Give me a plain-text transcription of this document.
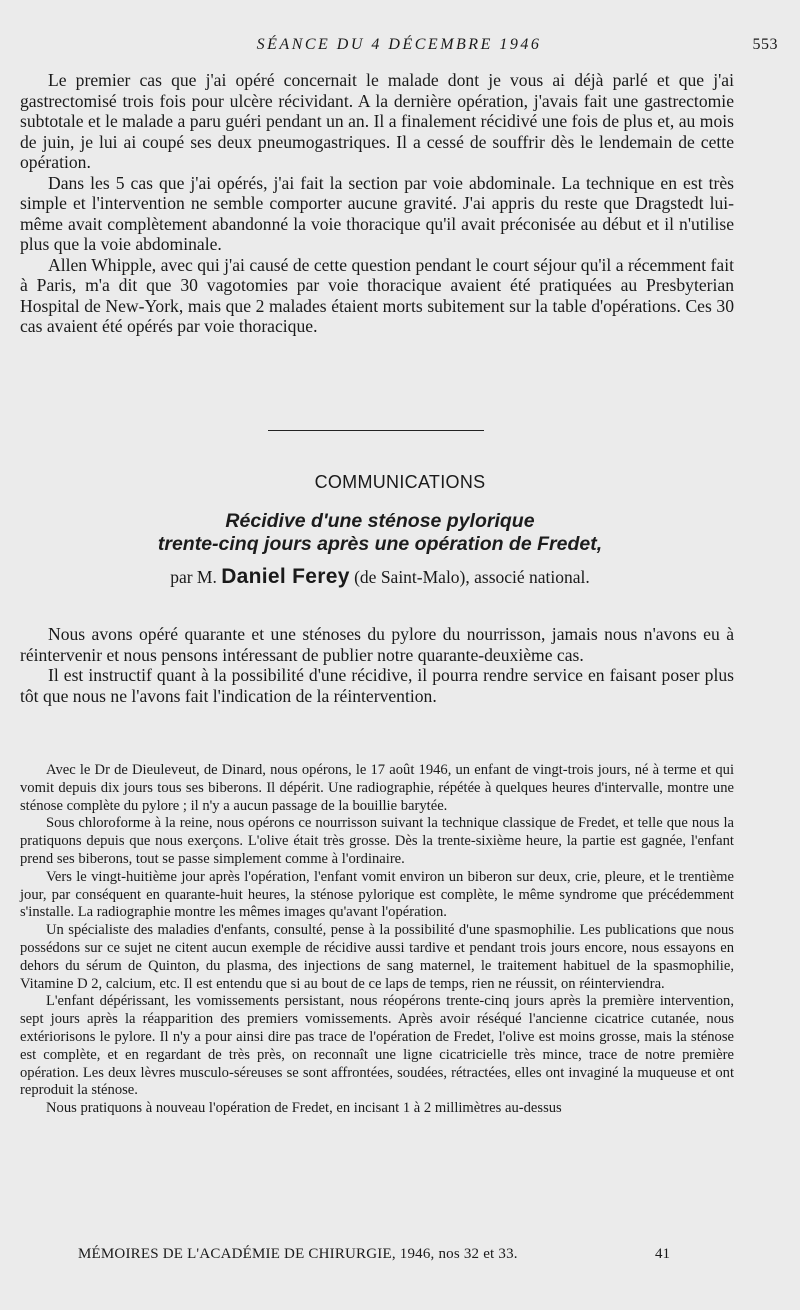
SÉANCE DU 4 DÉCEMBRE 1946	553

Le premier cas que j'ai opéré concernait le malade dont je vous ai déjà parlé et que j'ai gastrectomisé trois fois pour ulcère récividant. A la dernière opération, j'avais fait une gastrectomie subtotale et le malade a paru guéri pendant un an. Il a finalement récidivé une fois de plus et, au mois de juin, je lui ai coupé ses deux pneumogastriques. Il a cessé de souffrir dès le lendemain de cette opération.

Dans les 5 cas que j'ai opérés, j'ai fait la section par voie abdominale. La technique en est très simple et l'intervention ne semble comporter aucune gravité. J'ai appris du reste que Dragstedt lui-même avait complètement abandonné la voie thoracique qu'il avait préconisée au début et il n'utilise plus que la voie abdominale.

Allen Whipple, avec qui j'ai causé de cette question pendant le court séjour qu'il a récemment fait à Paris, m'a dit que 30 vagotomies par voie thoracique avaient été pratiquées au Presbyterian Hospital de New-York, mais que 2 malades étaient morts subitement sur la table d'opérations. Ces 30 cas avaient été opérés par voie thoracique.

COMMUNICATIONS
Récidive d'une sténose pylorique
trente-cinq jours après une opération de Fredet,
par M. Daniel Ferey (de Saint-Malo), associé national.

Nous avons opéré quarante et une sténoses du pylore du nourrisson, jamais nous n'avons eu à réintervenir et nous pensons intéressant de publier notre quarante-deuxième cas.

Il est instructif quant à la possibilité d'une récidive, il pourra rendre service en faisant poser plus tôt que nous ne l'avons fait l'indication de la réintervention.

Avec le Dr de Dieuleveut, de Dinard, nous opérons, le 17 août 1946, un enfant de vingt-trois jours, né à terme et qui vomit depuis dix jours tous ses biberons. Il dépérit. Une radiographie, répétée à quelques heures d'intervalle, montre une sténose complète du pylore ; il n'y a aucun passage de la bouillie barytée.

Sous chloroforme à la reine, nous opérons ce nourrisson suivant la technique classique de Fredet, et telle que nous la pratiquons depuis que nous exerçons. L'olive était très grosse. Dès la trente-sixième heure, la partie est gagnée, l'enfant prend ses biberons, tout se passe simplement comme à l'ordinaire.

Vers le vingt-huitième jour après l'opération, l'enfant vomit environ un biberon sur deux, crie, pleure, et le trentième jour, par conséquent en quarante-huit heures, la sténose pylorique est complète, le même syndrome que précédemment s'installe. La radiographie montre les mêmes images qu'avant l'opération.

Un spécialiste des maladies d'enfants, consulté, pense à la possibilité d'une spasmophilie. Les publications que nous possédons sur ce sujet ne citent aucun exemple de récidive aussi tardive et pendant trois jours encore, nous essayons en dehors du sérum de Quinton, du plasma, des injections de sang maternel, le traitement habituel de la spasmophilie, Vitamine D 2, calcium, etc. Il est entendu que si au bout de ce laps de temps, rien ne réussit, on réinterviendra.

L'enfant dépérissant, les vomissements persistant, nous réopérons trente-cinq jours après la première intervention, sept jours après la réapparition des premiers vomissements. Après avoir réséqué l'ancienne cicatrice cutanée, nous extériorisons le pylore. Il n'y a pour ainsi dire pas trace de l'opération de Fredet, l'olive est moins grosse, mais la sténose est complète, et en regardant de très près, on reconnaît une ligne cicatricielle très mince, trace de notre première opération. Les deux lèvres musculo-séreuses se sont affrontées, soudées, rétractées, elles ont invaginé la muqueuse et ont reproduit la sténose.

Nous pratiquons à nouveau l'opération de Fredet, en incisant 1 à 2 millimètres au-dessus

MÉMOIRES DE L'ACADÉMIE DE CHIRURGIE, 1946, nos 32 et 33.	41
